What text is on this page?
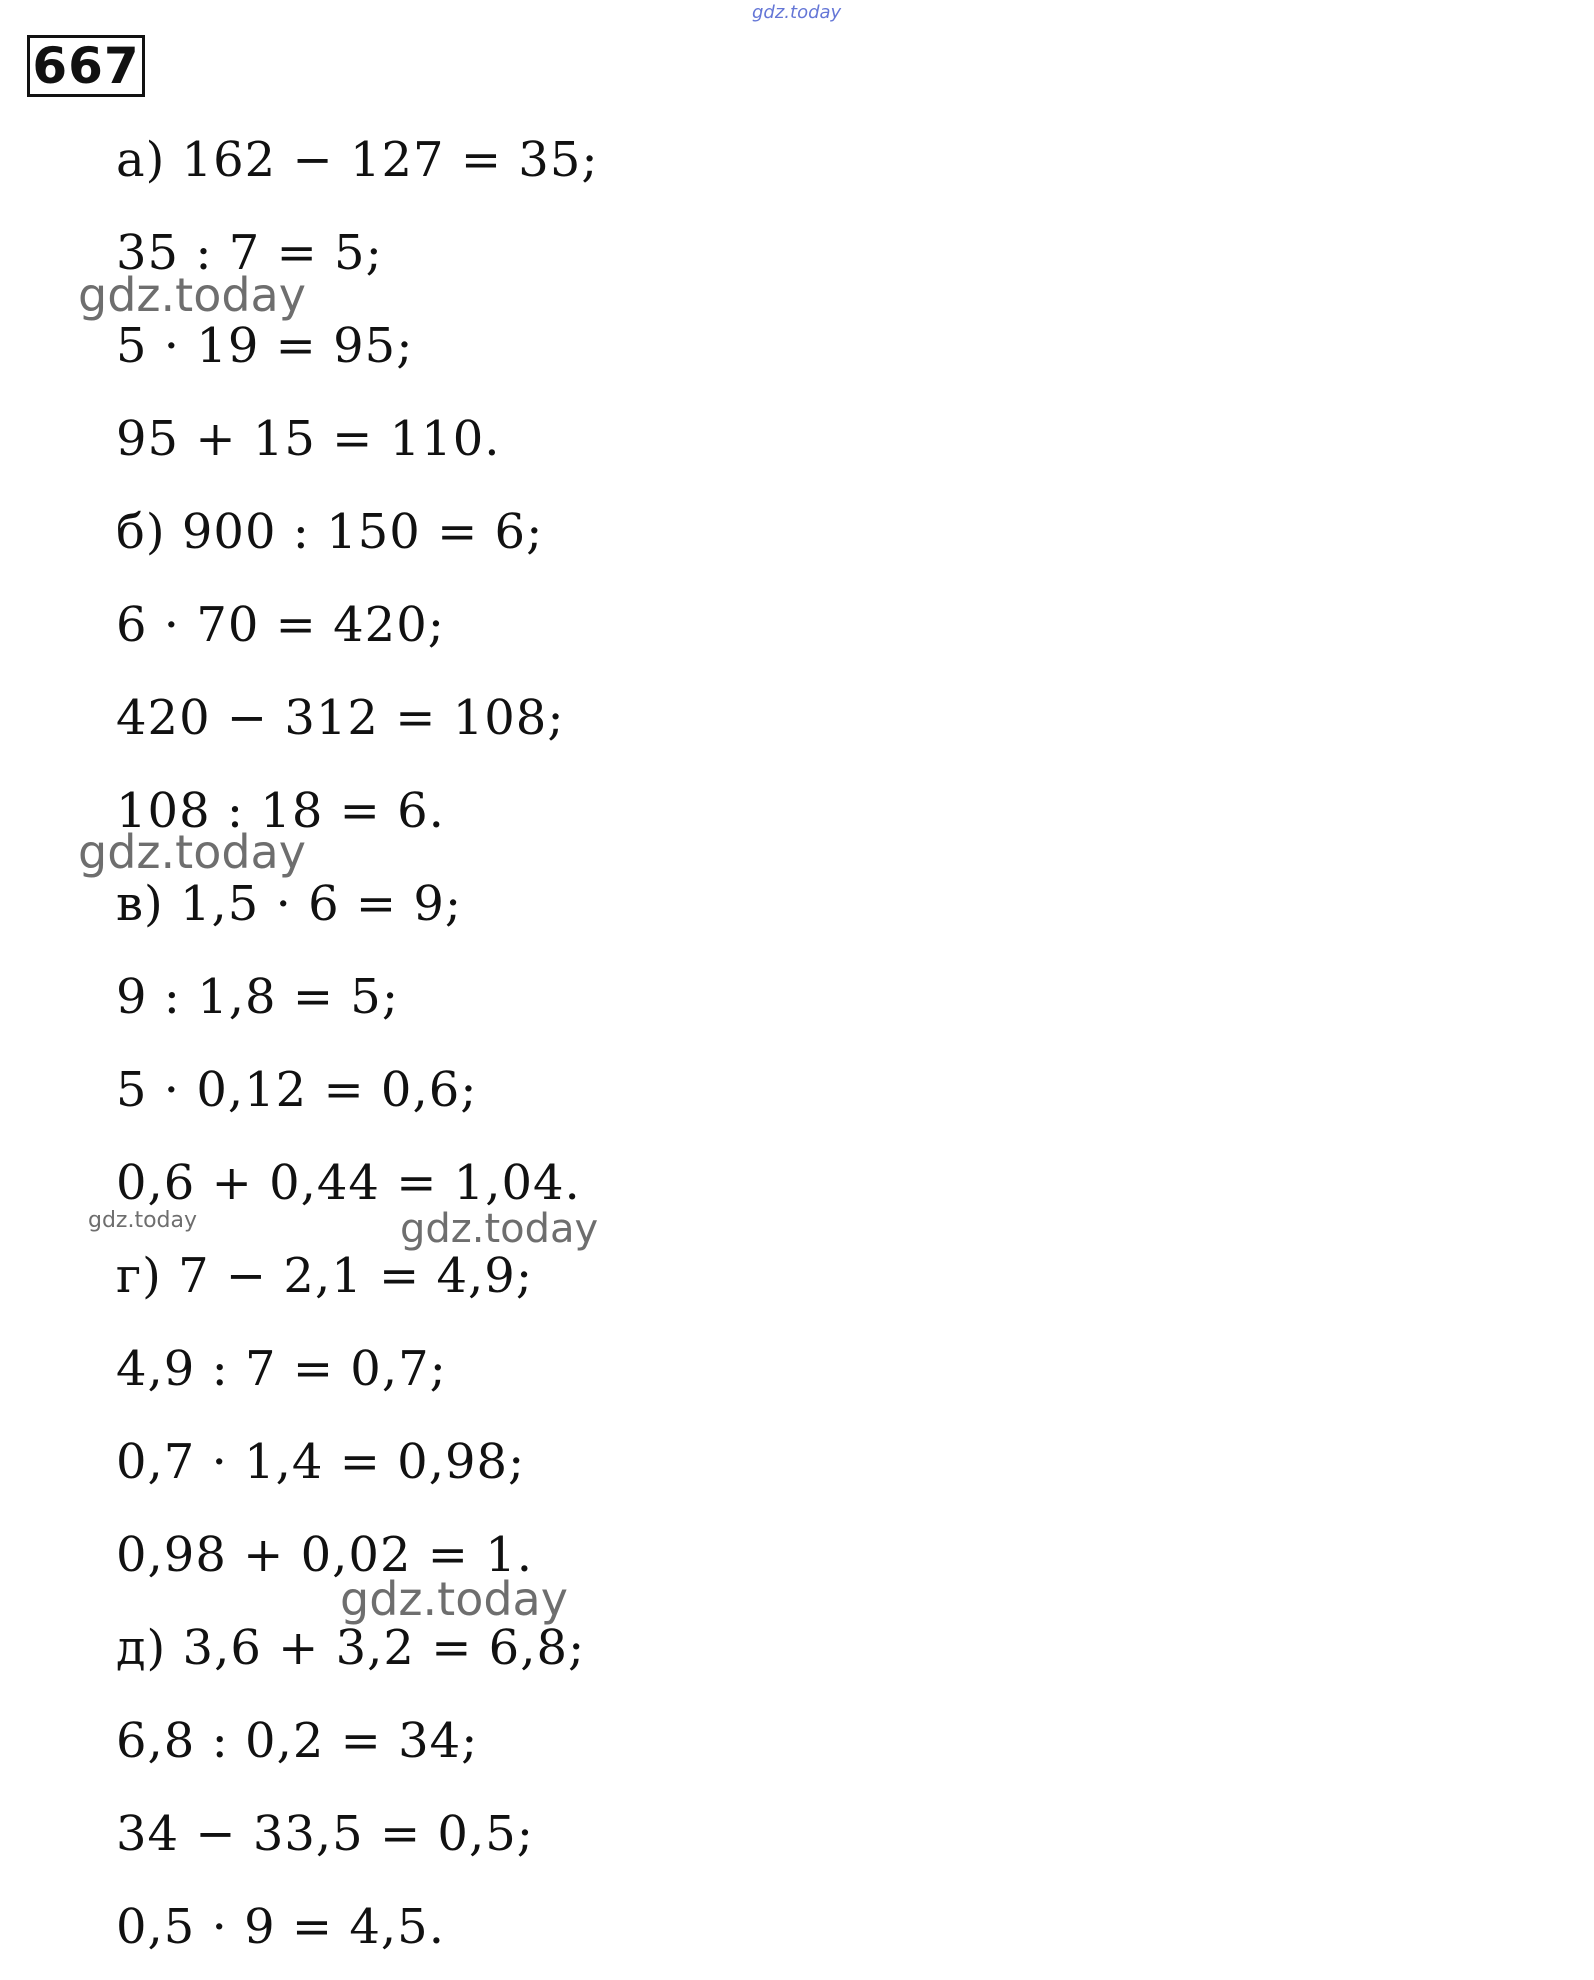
667
а) 162 − 127 = 35;
35 : 7 = 5;
5 · 19 = 95;
95 + 15 = 110.
б) 900 : 150 = 6;
6 · 70 = 420;
420 − 312 = 108;
108 : 18 = 6.
в) 1,5 · 6 = 9;
9 : 1,8 = 5;
5 · 0,12 = 0,6;
0,6 + 0,44 = 1,04.
г) 7 − 2,1 = 4,9;
4,9 : 7 = 0,7;
0,7 · 1,4 = 0,98;
0,98 + 0,02 = 1.
д) 3,6 + 3,2 = 6,8;
6,8 : 0,2 = 34;
34 − 33,5 = 0,5;
0,5 · 9 = 4,5.
gdz.today
gdz.today
gdz.today
gdz.today	gdz.today
gdz.today
